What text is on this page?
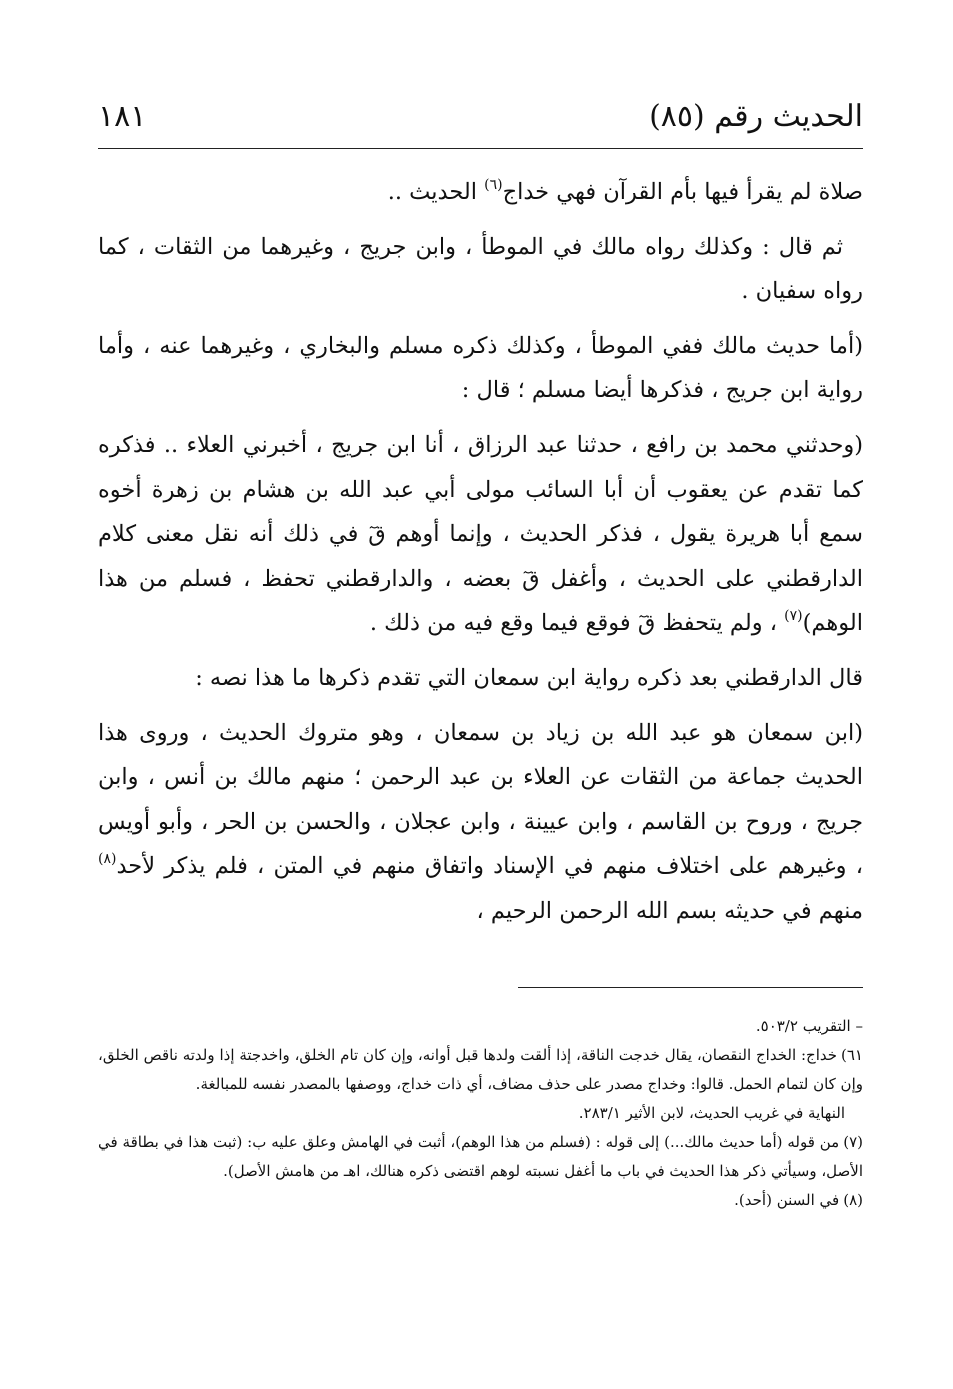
الحديث رقم (٨٥)
١٨١

صلاة لم يقرأ فيها بأم القرآن فهي خداج$^{(٦)}$ الحديث ..

ثم قال : وكذلك رواه مالك في الموطأ ، وابن جريج ، وغيرهما من الثقات ، كما رواه سفيان .

(أما حديث مالك ففي الموطأ ، وكذلك ذكره مسلم والبخاري ، وغيرهما عنه ، وأما رواية ابن جريج ، فذكرها أيضا مسلم ؛ قال :

(وحدثني محمد بن رافع ، حدثنا عبد الرزاق ، أنا ابن جريج ، أخبرني العلاء .. فذكره كما تقدم عن يعقوب أن أبا السائب مولى أبي عبد الله بن هشام بن زهرة أخوه سمع أبا هريرة يقول ، فذكر الحديث ، وإنما أوهم قٓ في ذلك أنه نقل معنى كلام الدارقطني على الحديث ، وأغفل قٓ بعضه ، والدارقطني تحفظ ، فسلم من هذا الوهم)$^{(٧)}$ ، ولم يتحفظ قٓ فوقع فيما وقع فيه من ذلك .

قال الدارقطني بعد ذكره رواية ابن سمعان التي تقدم ذكرها ما هذا نصه :

(ابن سمعان هو عبد الله بن زياد بن سمعان ، وهو متروك الحديث ، وروى هذا الحديث جماعة من الثقات عن العلاء بن عبد الرحمن ؛ منهم مالك بن أنس ، وابن جريج ، وروح بن القاسم ، وابن عيينة ، وابن عجلان ، والحسن بن الحر ، وأبو أويس ، وغيرهم على اختلاف منهم في الإسناد واتفاق منهم في المتن ، فلم يذكر لأحد$^{(٨)}$ منهم في حديثه بسم الله الرحمن الرحيم ،

– التقريب ٥٠٣/٢.

٦١)خداج: الخداج النقصان، يقال خدجت الناقة، إذا ألقت ولدها قبل أوانه، وإن كان تام الخلق، واخدجتة إذا ولدته ناقص الخلق، وإن كان لتمام الحمل. قالوا: وخداج مصدر على حذف مضاف، أي ذات خداج، ووصفها بالمصدر نفسه للمبالغة.

النهاية في غريب الحديث، لابن الأثير ٢٨٣/١.

(٧)من قوله (أما حديث مالك...) إلى قوله : (فسلم من هذا الوهم)، أثبت في الهامش وعلق عليه ب: (ثبت هذا في بطاقة في الأصل، وسيأتي ذكر هذا الحديث في باب ما أغفل نسبته لوهم اقتضى ذكره هنالك، اهـ من هامش الأصل).

(٨)في السنن (أحد).
